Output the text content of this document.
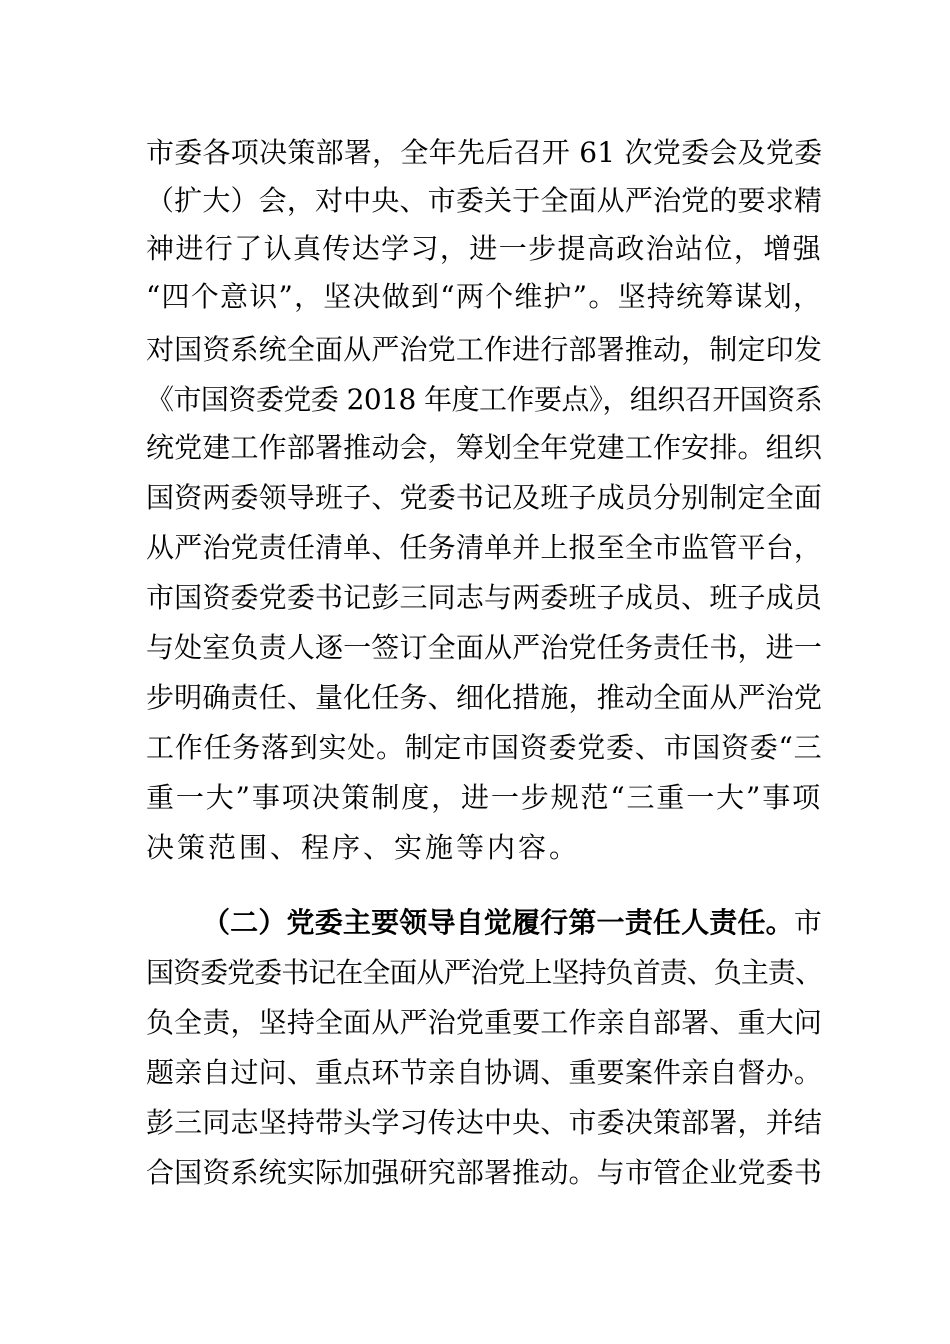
市委各项决策部署，全年先后召开 61 次党委会及党委
（扩大）会，对中央、市委关于全面从严治党的要求精
神进行了认真传达学习，进一步提高政治站位，增强
“四个意识”，坚决做到“两个维护”。坚持统筹谋划，
对国资系统全面从严治党工作进行部署推动，制定印发
《市国资委党委 2018 年度工作要点》，组织召开国资系
统党建工作部署推动会，筹划全年党建工作安排。组织
国资两委领导班子、党委书记及班子成员分别制定全面
从严治党责任清单、任务清单并上报至全市监管平台，
市国资委党委书记彭三同志与两委班子成员、班子成员
与处室负责人逐一签订全面从严治党任务责任书，进一
步明确责任、量化任务、细化措施，推动全面从严治党
工作任务落到实处。制定市国资委党委、市国资委“三
重一大”事项决策制度，进一步规范“三重一大”事项
决策范围、程序、实施等内容。
（二）党委主要领导自觉履行第一责任人责任。市
国资委党委书记在全面从严治党上坚持负首责、负主责、
负全责，坚持全面从严治党重要工作亲自部署、重大问
题亲自过问、重点环节亲自协调、重要案件亲自督办。
彭三同志坚持带头学习传达中央、市委决策部署，并结
合国资系统实际加强研究部署推动。与市管企业党委书
